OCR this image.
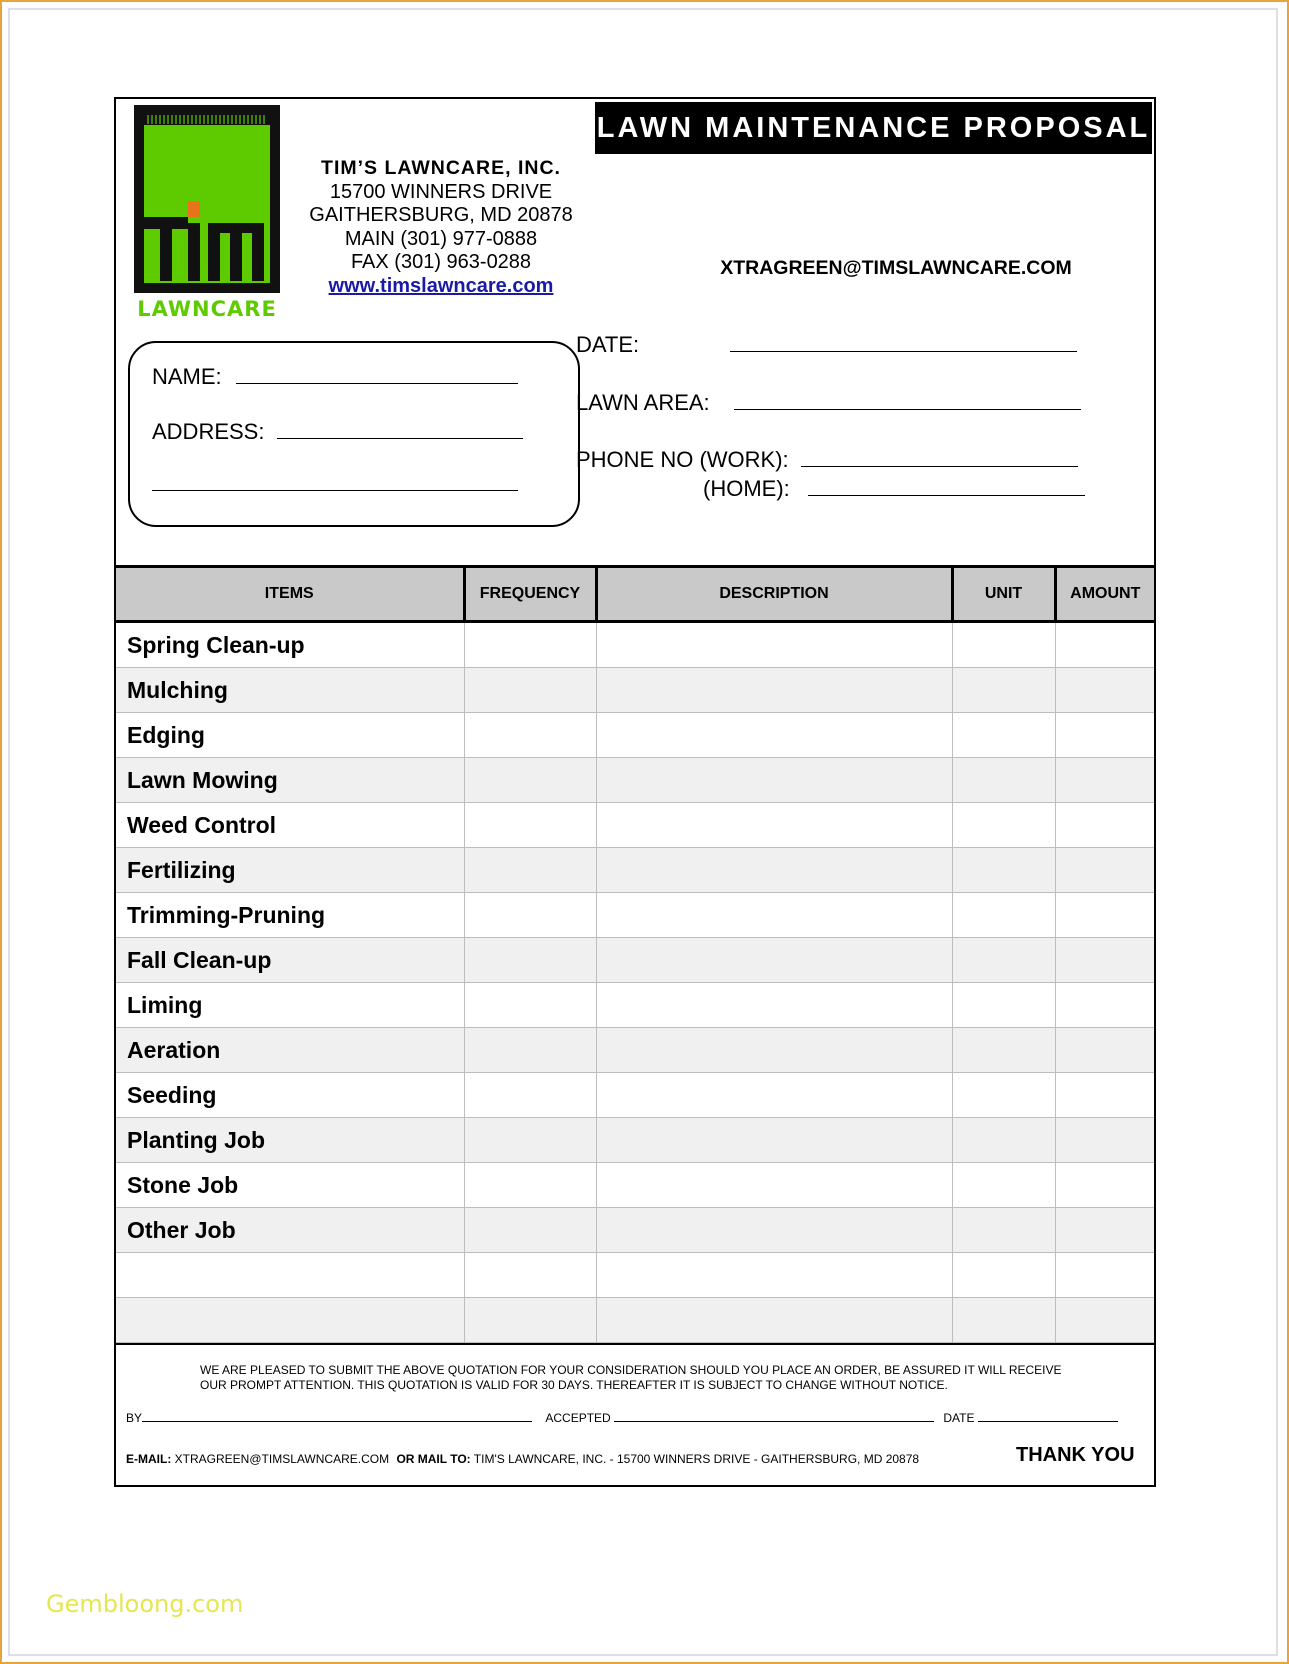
LAWNCARE
TIM’S LAWNCARE, INC.
15700 WINNERS DRIVE
GAITHERSBURG, MD 20878
MAIN (301) 977-0888
FAX (301) 963-0288
www.timslawncare.com
LAWN MAINTENANCE PROPOSAL
XTRAGREEN@TIMSLAWNCARE.COM
NAME:
ADDRESS:
DATE:
LAWN AREA:
PHONE NO (WORK):
(HOME):
ITEMS	FREQUENCY	DESCRIPTION	UNIT	AMOUNT
Spring Clean-up				
Mulching				
Edging				
Lawn Mowing				
Weed Control				
Fertilizing				
Trimming-Pruning				
Fall Clean-up				
Liming				
Aeration				
Seeding				
Planting Job				
Stone Job				
Other Job				

WE ARE PLEASED TO SUBMIT THE ABOVE QUOTATION FOR YOUR CONSIDERATION SHOULD YOU PLACE AN ORDER, BE ASSURED IT WILL RECEIVE
OUR PROMPT ATTENTION. THIS QUOTATION IS VALID FOR 30 DAYS. THEREAFTER IT IS SUBJECT TO CHANGE WITHOUT NOTICE.
BY	ACCEPTED	DATE
E-MAIL: XTRAGREEN@TIMSLAWNCARE.COM OR MAIL TO: TIM'S LAWNCARE, INC. - 15700 WINNERS DRIVE - GAITHERSBURG, MD 20878	THANK YOU
Gembloong.com
